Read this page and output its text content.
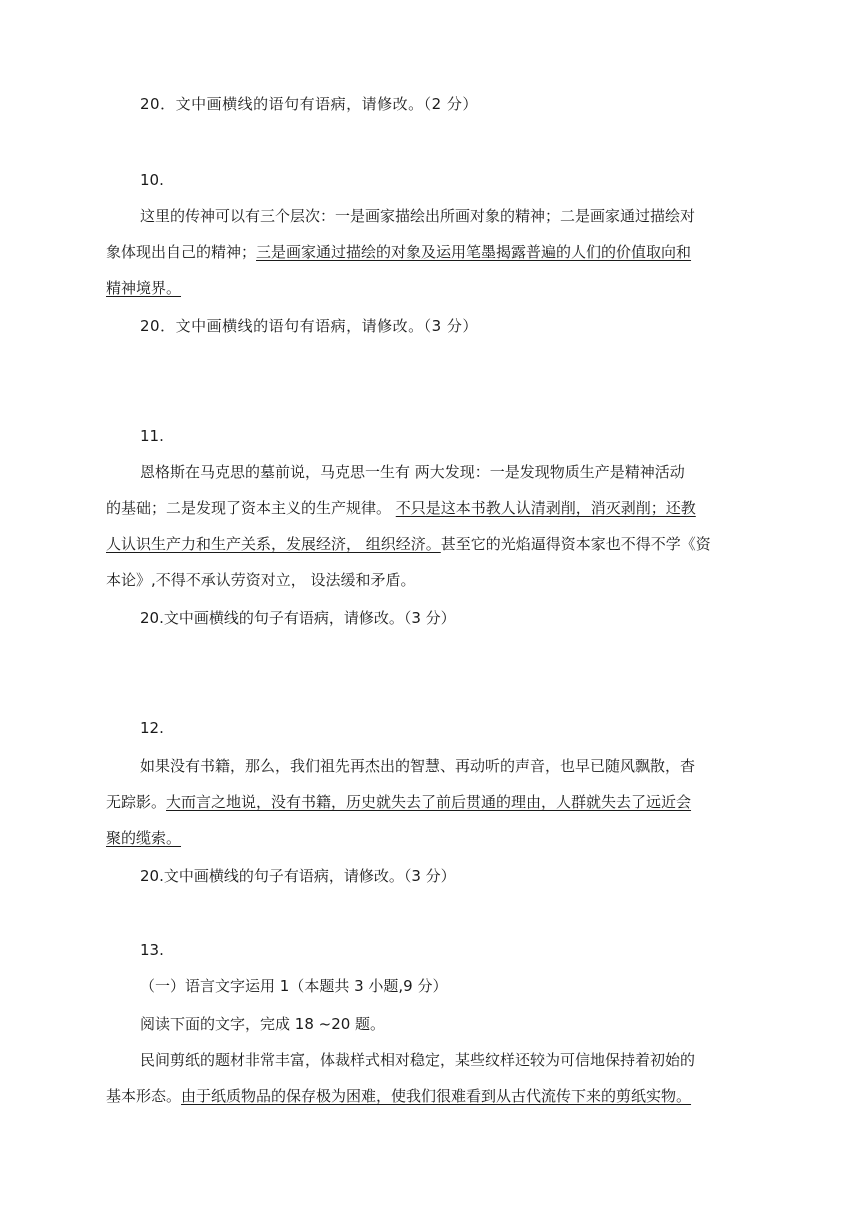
20．文中画横线的语句有语病，请修改。（2 分）
10.
这里的传神可以有三个层次：一是画家描绘出所画对象的精神；二是画家通过描绘对
象体现出自己的精神；三是画家通过描绘的对象及运用笔墨揭露普遍的人们的价值取向和
精神境界。
20．文中画横线的语句有语病，请修改。（3 分）
11.
恩格斯在马克思的墓前说，马克思一生有 两大发现：一是发现物质生产是精神活动
的基础；二是发现了资本主义的生产规律。 不只是这本书教人认清剥削，消灭剥削；还教
人认识生产力和生产关系，发展经济， 组织经济。甚至它的光焰逼得资本家也不得不学《资
本论》,不得不承认劳资对立， 设法缓和矛盾。
20.文中画横线的句子有语病，请修改。（3 分）
12.
如果没有书籍，那么，我们祖先再杰出的智慧、再动听的声音，也早已随风飘散，杳
无踪影。大而言之地说，没有书籍，历史就失去了前后贯通的理由，人群就失去了远近会
聚的缆索。
20.文中画横线的句子有语病，请修改。（3 分）
13.
（一）语言文字运用 1（本题共 3 小题,9 分）
阅读下面的文字，完成 18 ~20 题。
民间剪纸的题材非常丰富，体裁样式相对稳定，某些纹样还较为可信地保持着初始的
基本形态。由于纸质物品的保存极为困难，使我们很难看到从古代流传下来的剪纸实物。
